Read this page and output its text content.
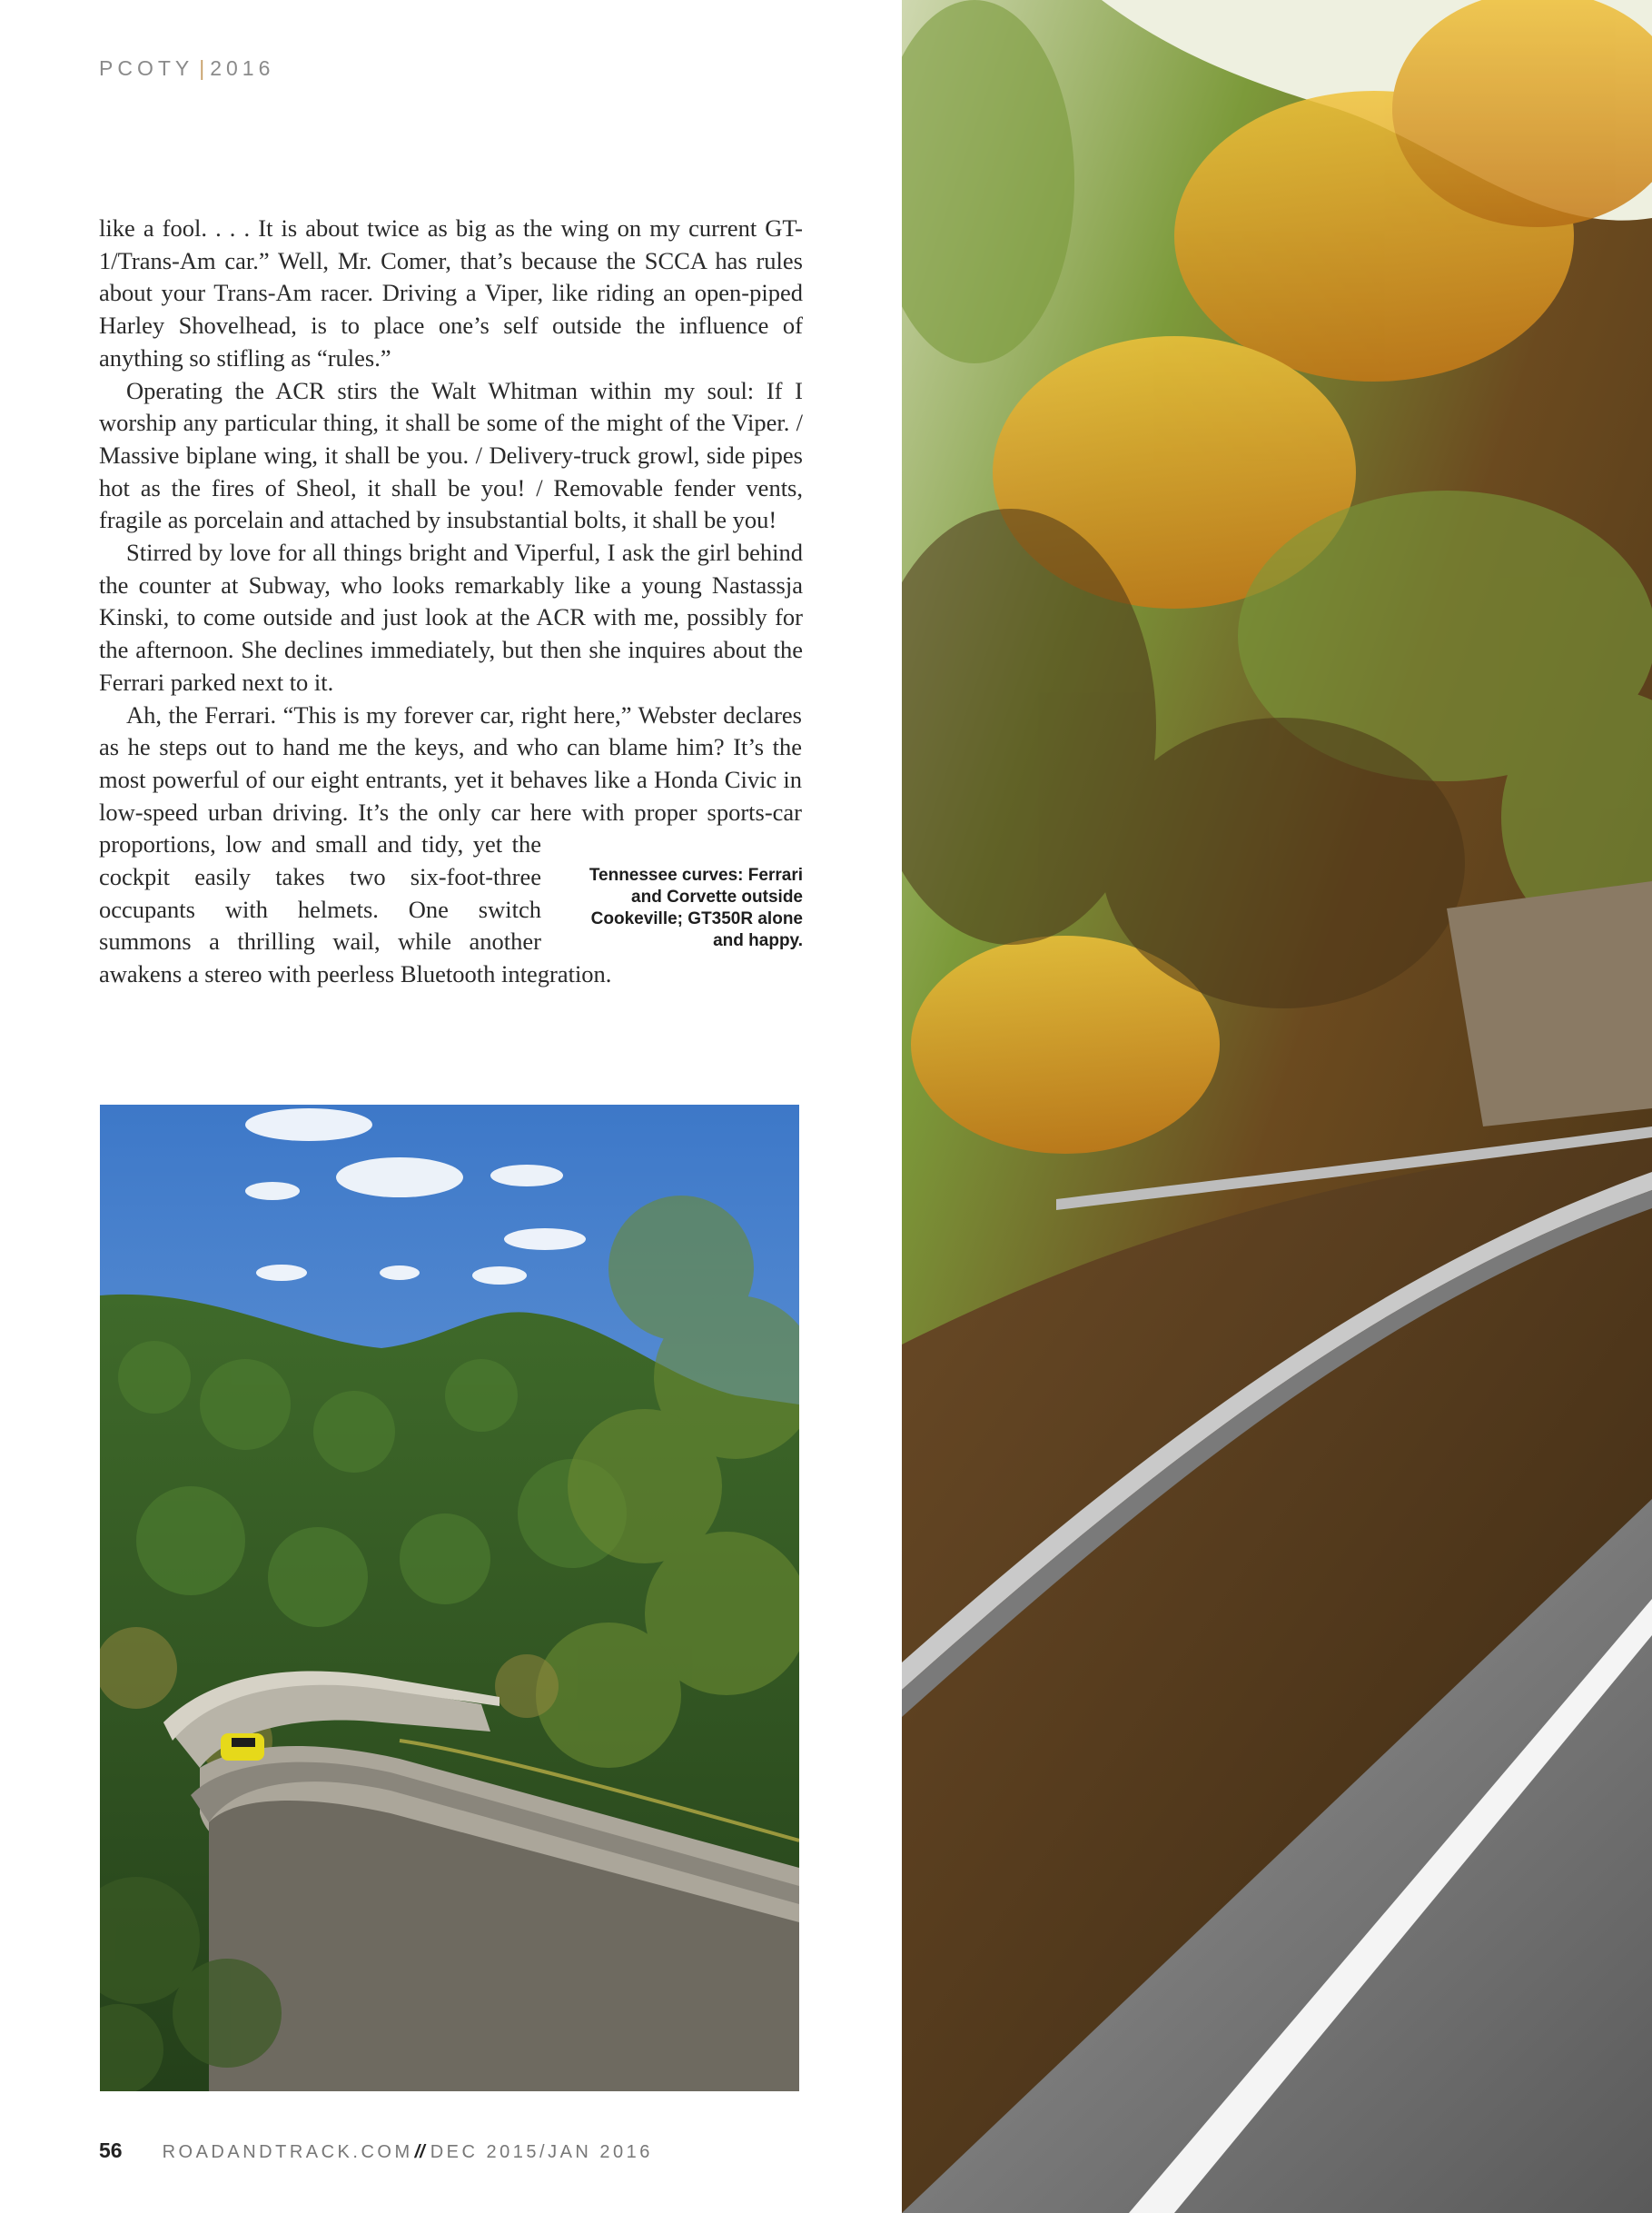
PCOTY | 2016

like a fool. . . . It is about twice as big as the wing on my current GT-1/Trans-Am car.” Well, Mr. Comer, that’s because the SCCA has rules about your Trans-Am racer. Driving a Viper, like riding an open-piped Harley Shovelhead, is to place one’s self outside the influence of anything so stifling as “rules.”

Operating the ACR stirs the Walt Whitman within my soul: If I worship any particular thing, it shall be some of the might of the Viper. / Massive biplane wing, it shall be you. / Delivery-truck growl, side pipes hot as the fires of Sheol, it shall be you! / Removable fender vents, fragile as porcelain and attached by insubstantial bolts, it shall be you!

Stirred by love for all things bright and Viperful, I ask the girl behind the counter at Subway, who looks remarkably like a young Nastassja Kinski, to come outside and just look at the ACR with me, possibly for the afternoon. She declines immediately, but then she inquires about the Ferrari parked next to it.

Tennessee curves: Ferrari and Corvette outside Cookeville; GT350R alone and happy.
Ah, the Ferrari. “This is my forever car, right here,” Webster declares as he steps out to hand me the keys, and who can blame him? It’s the most powerful of our eight entrants, yet it behaves like a Honda Civic in low-speed urban driving. It’s the only car here with proper sports-car proportions, low and small and tidy, yet the cockpit easily takes two six-foot-three occupants with helmets. One switch summons a thrilling wail, while another awakens a stereo with peerless Bluetooth integration.

56 ROADANDTRACK.COM // DEC 2015/JAN 2016
